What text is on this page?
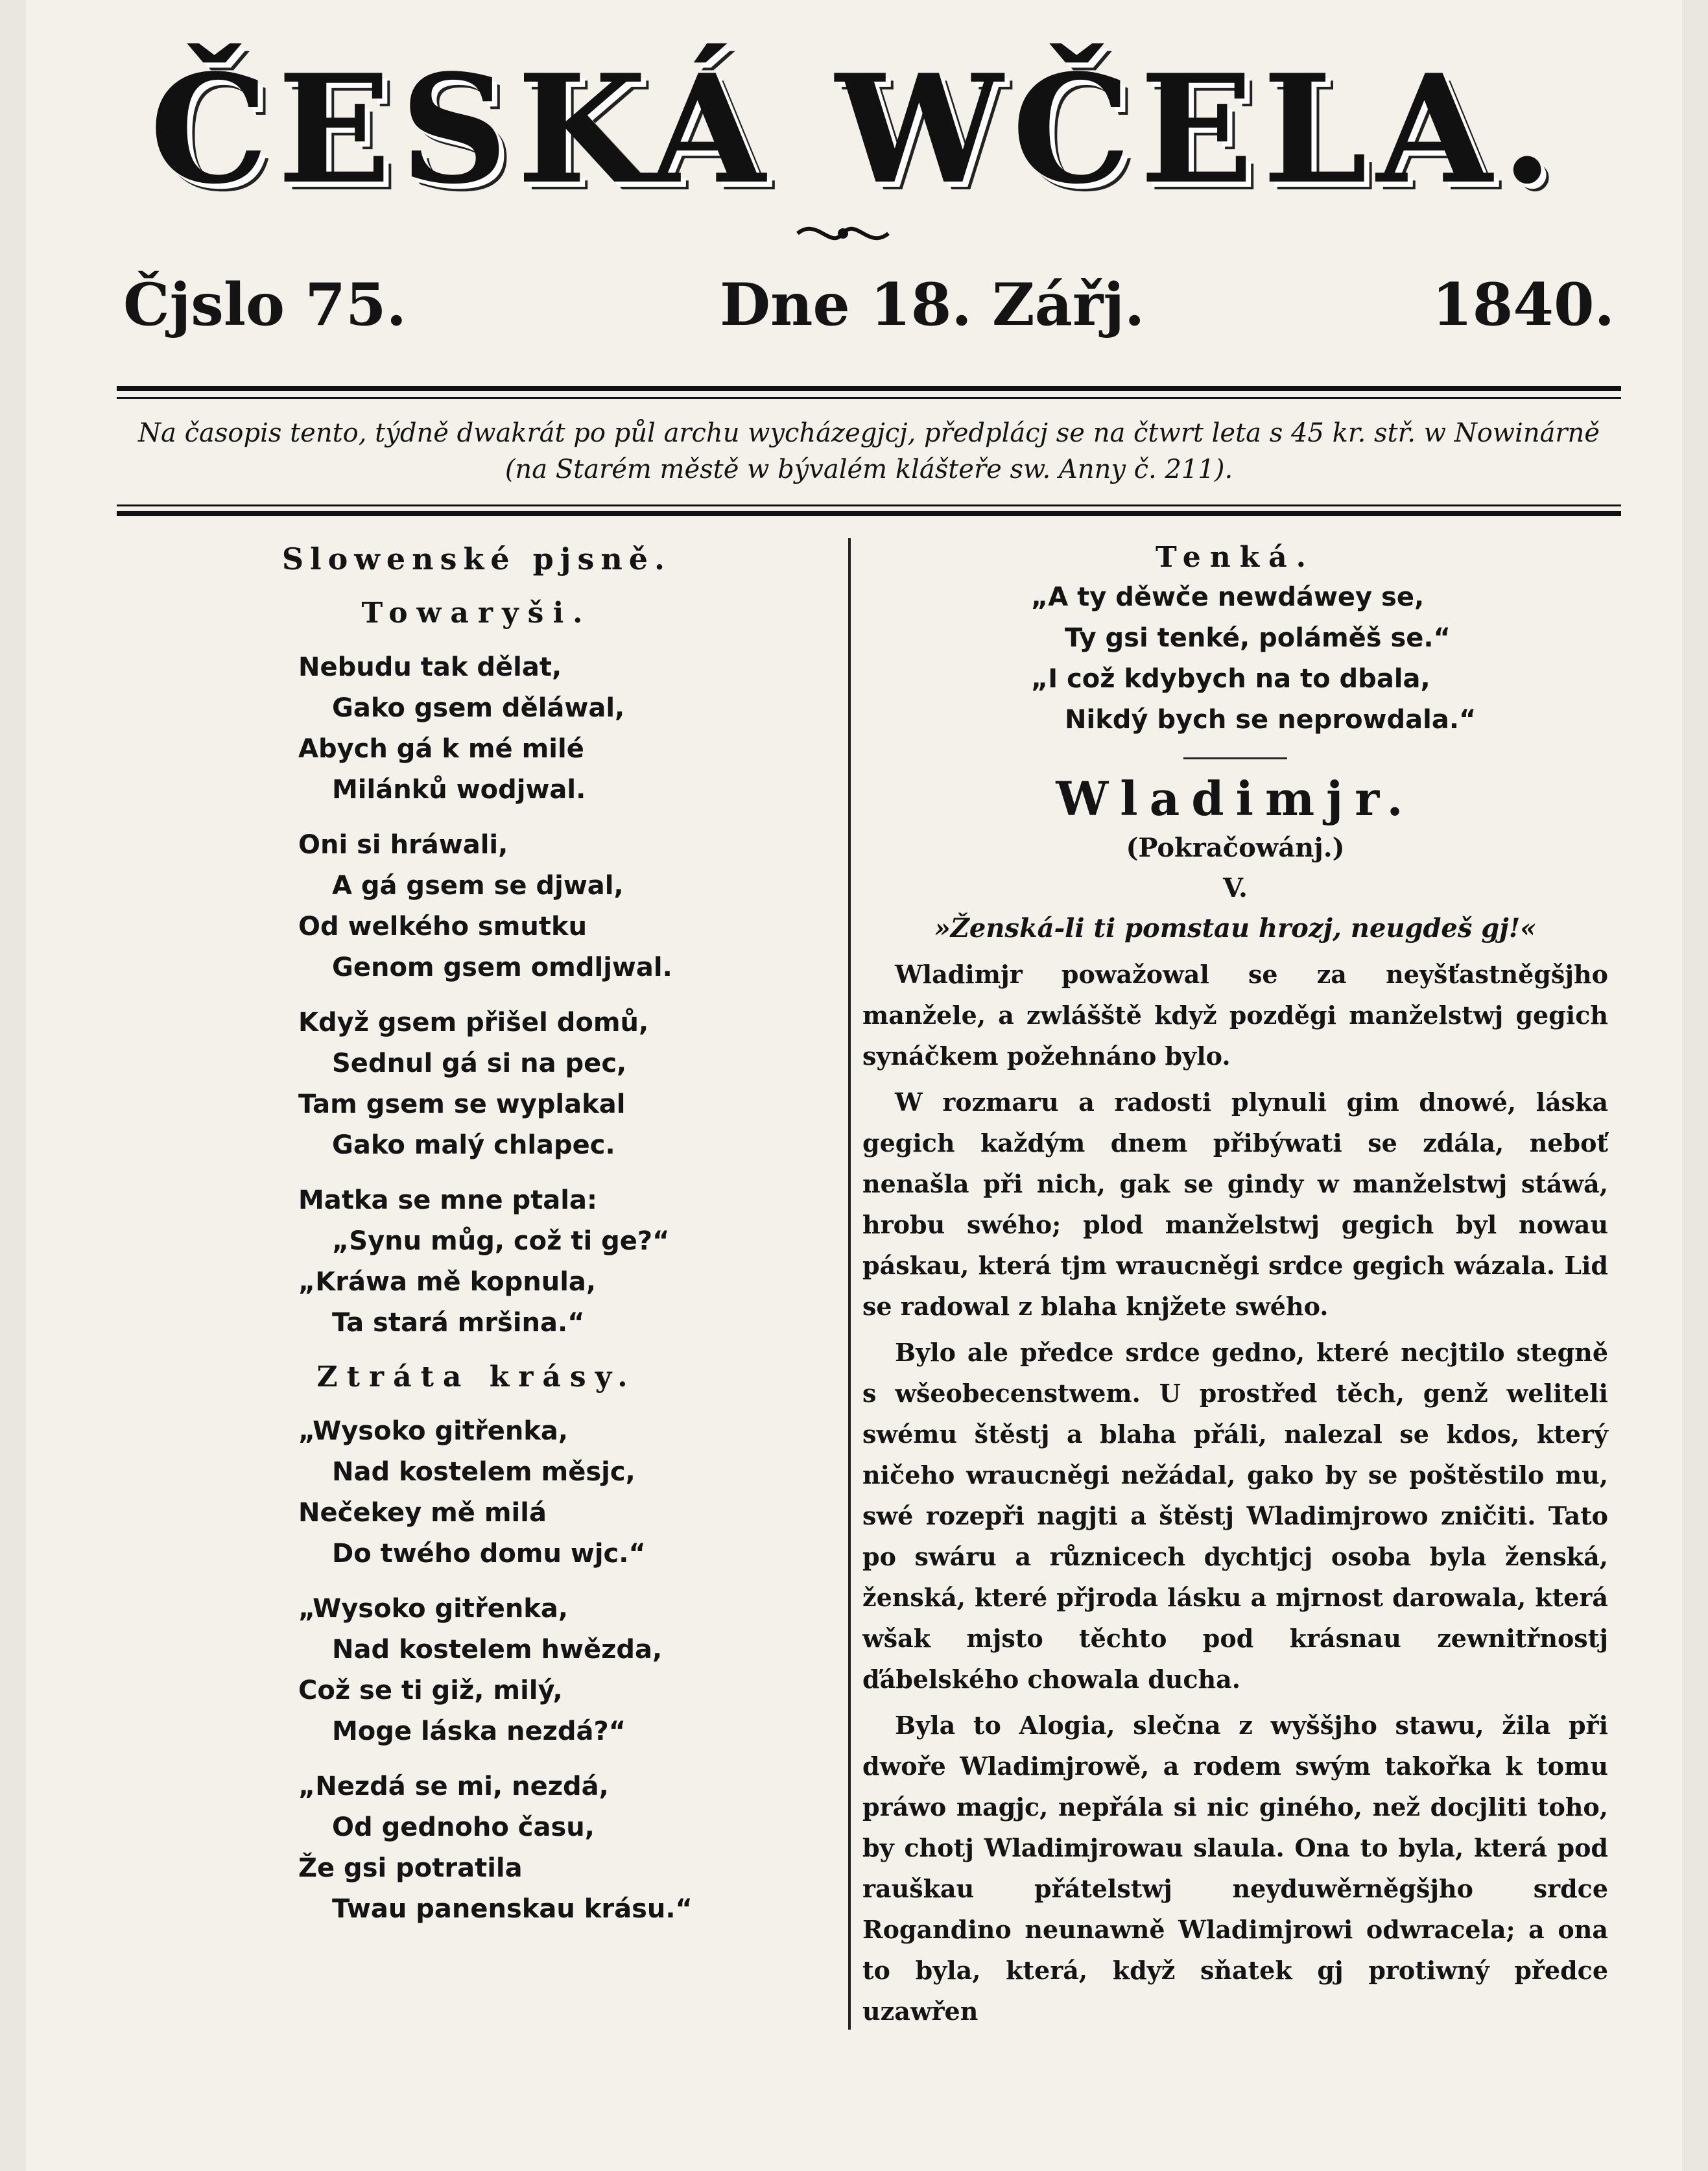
ČESKÁ WČELA.
Čjslo 75.	Dne 18. Zářj.	1840.
Na časopis tento, týdně dwakrát po půl archu wycházegjcj, předplácj se na čtwrt leta s 45 kr. stř. w Nowinárně
(na Starém městě w bývalém klášteře sw. Anny č. 211).

Slowenské pjsně.

Towaryši.

Nebudu tak dělat,

Gako gsem děláwal,

Abych gá k mé milé

Milánků wodjwal.

Oni si hráwali,

A gá gsem se djwal,

Od welkého smutku

Genom gsem omdljwal.

Když gsem přišel domů,

Sednul gá si na pec,

Tam gsem se wyplakal

Gako malý chlapec.

Matka se mne ptala:

„Synu můg, což ti ge?“

„Kráwa mě kopnula,

Ta stará mršina.“

Ztráta krásy.

„Wysoko gitřenka,

Nad kostelem měsjc,

Nečekey mě milá

Do twého domu wjc.“

„Wysoko gitřenka,

Nad kostelem hwězda,

Což se ti giž, milý,

Moge láska nezdá?“

„Nezdá se mi, nezdá,

Od gednoho času,

Že gsi potratila

Twau panenskau krásu.“

Tenká.

„A ty děwče newdáwey se,

Ty gsi tenké, poláměš se.“

„I což kdybych na to dbala,

Nikdý bych se neprowdala.“

Wladimjr.

(Pokračowánj.)

V.

»Ženská-li ti pomstau hrozj, neugdeš gj!«

Wladimjr powažowal se za neyšťastněgšjho manžele, a zwlášště když pozděgi manželstwj gegich synáčkem požehnáno bylo.

W rozmaru a radosti plynuli gim dnowé, láska gegich každým dnem přibýwati se zdála, neboť nenašla při nich, gak se gindy w manželstwj stáwá, hrobu swého; plod manželstwj gegich byl nowau páskau, která tjm wraucněgi srdce gegich wázala. Lid se radowal z blaha knjžete swého.

Bylo ale předce srdce gedno, které necjtilo stegně s wšeobecenstwem. U prostřed těch, genž weliteli swému štěstj a blaha přáli, nalezal se kdos, který ničeho wraucněgi nežádal, gako by se poštěstilo mu, swé rozepři nagjti a štěstj Wladimjrowo zničiti. Tato po swáru a různicech dychtjcj osoba byla ženská, ženská, které přjroda lásku a mjrnost darowala, která wšak mjsto těchto pod krásnau zewnitřnostj ďábelského chowala ducha.

Byla to Alogia, slečna z wyššjho stawu, žila při dwoře Wladimjrowě, a rodem swým takořka k tomu práwo magjc, nepřála si nic giného, než docjliti toho, by chotj Wladimjrowau slaula. Ona to byla, která pod rauškau přátelstwj neyduwěrněgšjho srdce Rogandino neunawně Wladimjrowi odwracela; a ona to byla, která, když sňatek gj protiwný předce uzawřen
